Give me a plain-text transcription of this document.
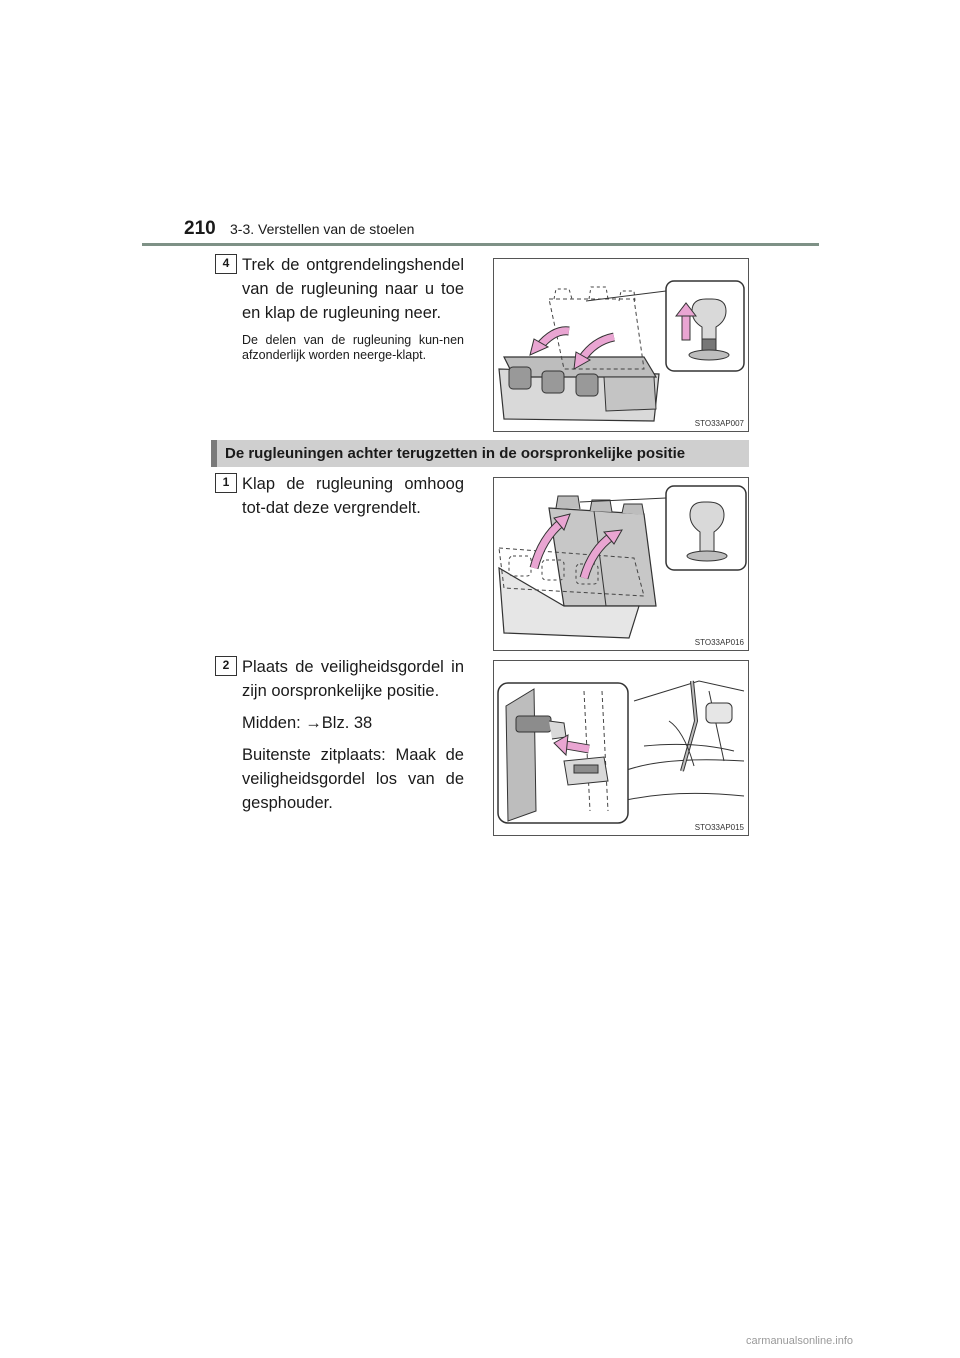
210 3-3. Verstellen van de stoelen
4 Trek de ontgrendelingshendel van de rugleuning naar u toe en klap de rugleuning neer.

De delen van de rugleuning kun-nen afzonderlijk worden neerge-klapt.
STO33AP007
De rugleuningen achter terugzetten in de oorspronkelijke positie
1 Klap de rugleuning omhoog tot-dat deze vergrendelt.

STO33AP016
2 Plaats de veiligheidsgordel in zijn oorspronkelijke positie.

Midden: →Blz. 38

Buitenste zitplaats: Maak de veiligheidsgordel los van de gesphouder.

STO33AP015
carmanualsonline.info
